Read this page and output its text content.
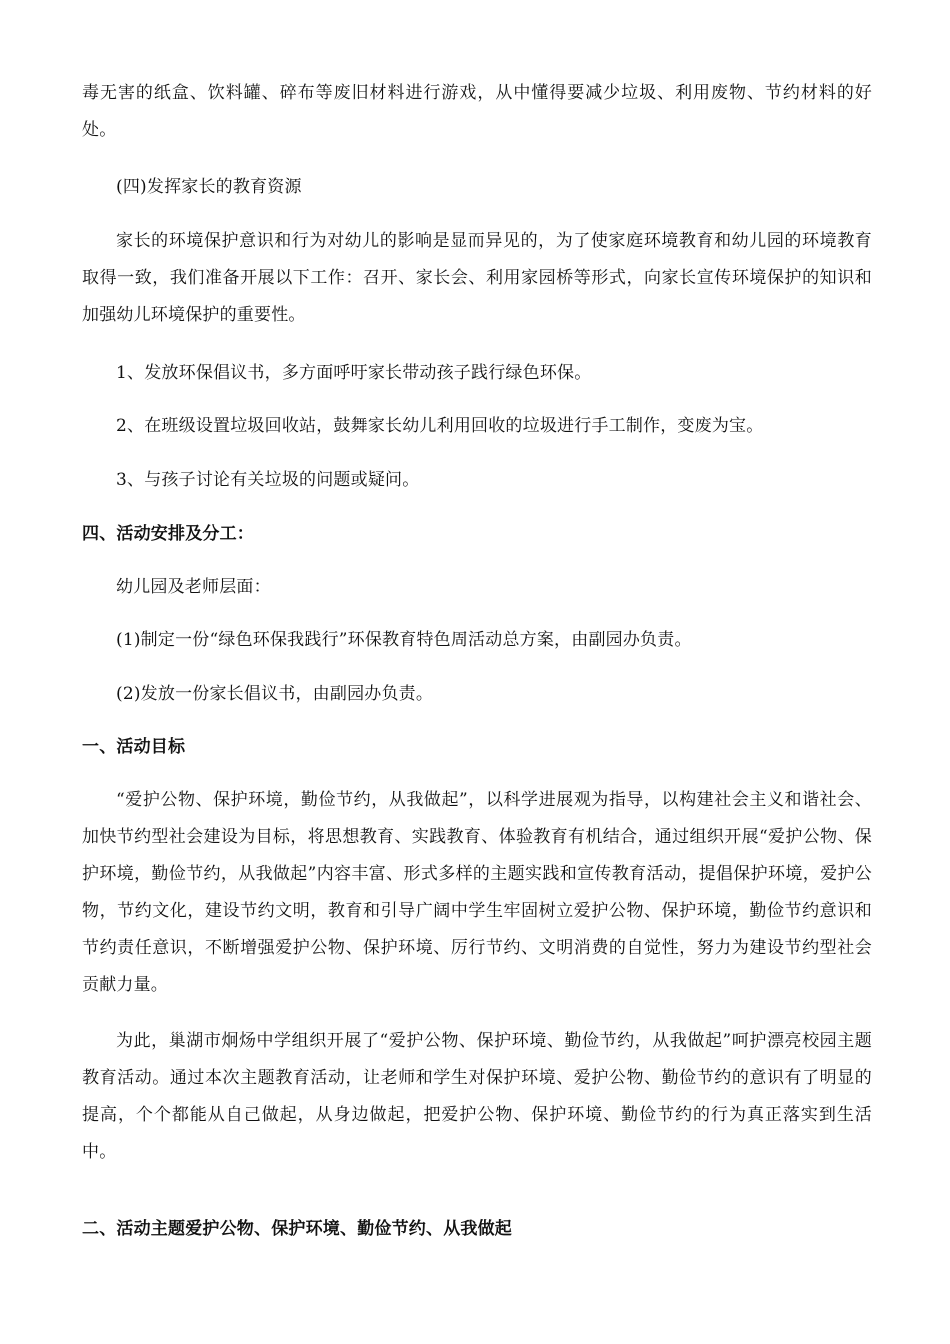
毒无害的纸盒、饮料罐、碎布等废旧材料进行游戏，从中懂得要减少垃圾、利用废物、节约材料的好处。

(四)发挥家长的教育资源

家长的环境保护意识和行为对幼儿的影响是显而异见的，为了使家庭环境教育和幼儿园的环境教育取得一致，我们准备开展以下工作：召开、家长会、利用家园桥等形式，向家长宣传环境保护的知识和加强幼儿环境保护的重要性。

1、发放环保倡议书，多方面呼吁家长带动孩子践行绿色环保。

2、在班级设置垃圾回收站，鼓舞家长幼儿利用回收的垃圾进行手工制作，变废为宝。

3、与孩子讨论有关垃圾的问题或疑问。

四、活动安排及分工：

幼儿园及老师层面：

(1)制定一份“绿色环保我践行”环保教育特色周活动总方案，由副园办负责。

(2)发放一份家长倡议书，由副园办负责。

一、活动目标

“爱护公物、保护环境，勤俭节约，从我做起”，以科学进展观为指导，以构建社会主义和谐社会、加快节约型社会建设为目标，将思想教育、实践教育、体验教育有机结合，通过组织开展“爱护公物、保护环境，勤俭节约，从我做起”内容丰富、形式多样的主题实践和宣传教育活动，提倡保护环境，爱护公物，节约文化，建设节约文明，教育和引导广阔中学生牢固树立爱护公物、保护环境，勤俭节约意识和节约责任意识，不断增强爱护公物、保护环境、厉行节约、文明消费的自觉性，努力为建设节约型社会贡献力量。

为此，巢湖市炯炀中学组织开展了“爱护公物、保护环境、勤俭节约，从我做起”呵护漂亮校园主题教育活动。通过本次主题教育活动，让老师和学生对保护环境、爱护公物、勤俭节约的意识有了明显的提高，个个都能从自己做起，从身边做起，把爱护公物、保护环境、勤俭节约的行为真正落实到生活中。

二、活动主题爱护公物、保护环境、勤俭节约、从我做起
